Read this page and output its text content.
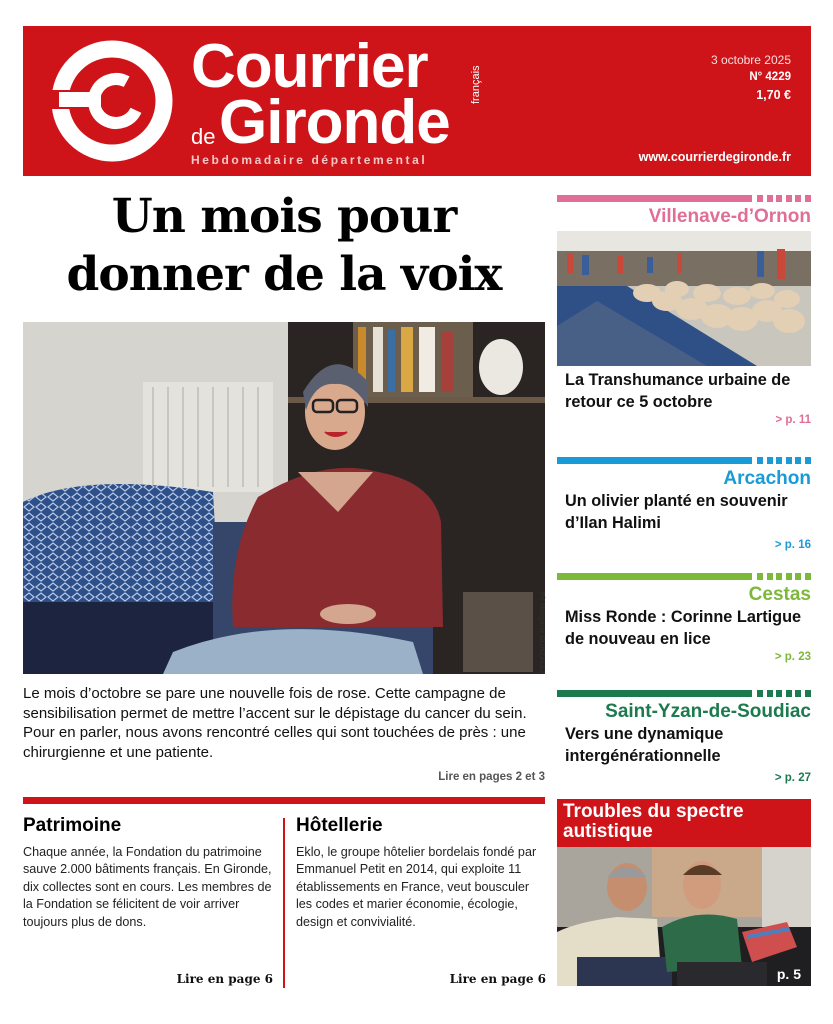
Courrier
de Gironde
français
Hebdomadaire départemental
3 octobre 2025
N° 4229
1,70 €
www.courrierdegironde.fr
Un mois pour donner de la voix
Ph Margaux GONZALEZ

Le mois d’octobre se pare une nouvelle fois de rose. Cette campagne de sensibilisation permet de mettre l’accent sur le dépistage du cancer du sein. Pour en parler, nous avons rencontré celles qui sont touchées de près : une chirurgienne et une patiente.

Lire en pages 2 et 3
Patrimoine

Chaque année, la Fondation du patrimoine sauve 2.000 bâtiments français. En Gironde, dix collectes sont en cours. Les membres de la Fondation se félicitent de voir arriver toujours plus de dons.

Lire en page 6
Hôtellerie

Eklo, le groupe hôtelier bordelais fondé par Emmanuel Petit en 2014, qui exploite 11 établissements en France, veut bousculer les codes et marier économie, écologie, design et convivialité.

Lire en page 6
Villenave-d’Ornon
La Transhumance urbaine de retour ce 5 octobre
> p. 11
Arcachon
Un olivier planté en souvenir d’Ilan Halimi
> p. 16
Cestas
Miss Ronde : Corinne Lartigue de nouveau en lice
> p. 23
Saint-Yzan-de-Soudiac
Vers une dynamique intergénérationnelle
> p. 27
Troubles du spectre autistique
p. 5
